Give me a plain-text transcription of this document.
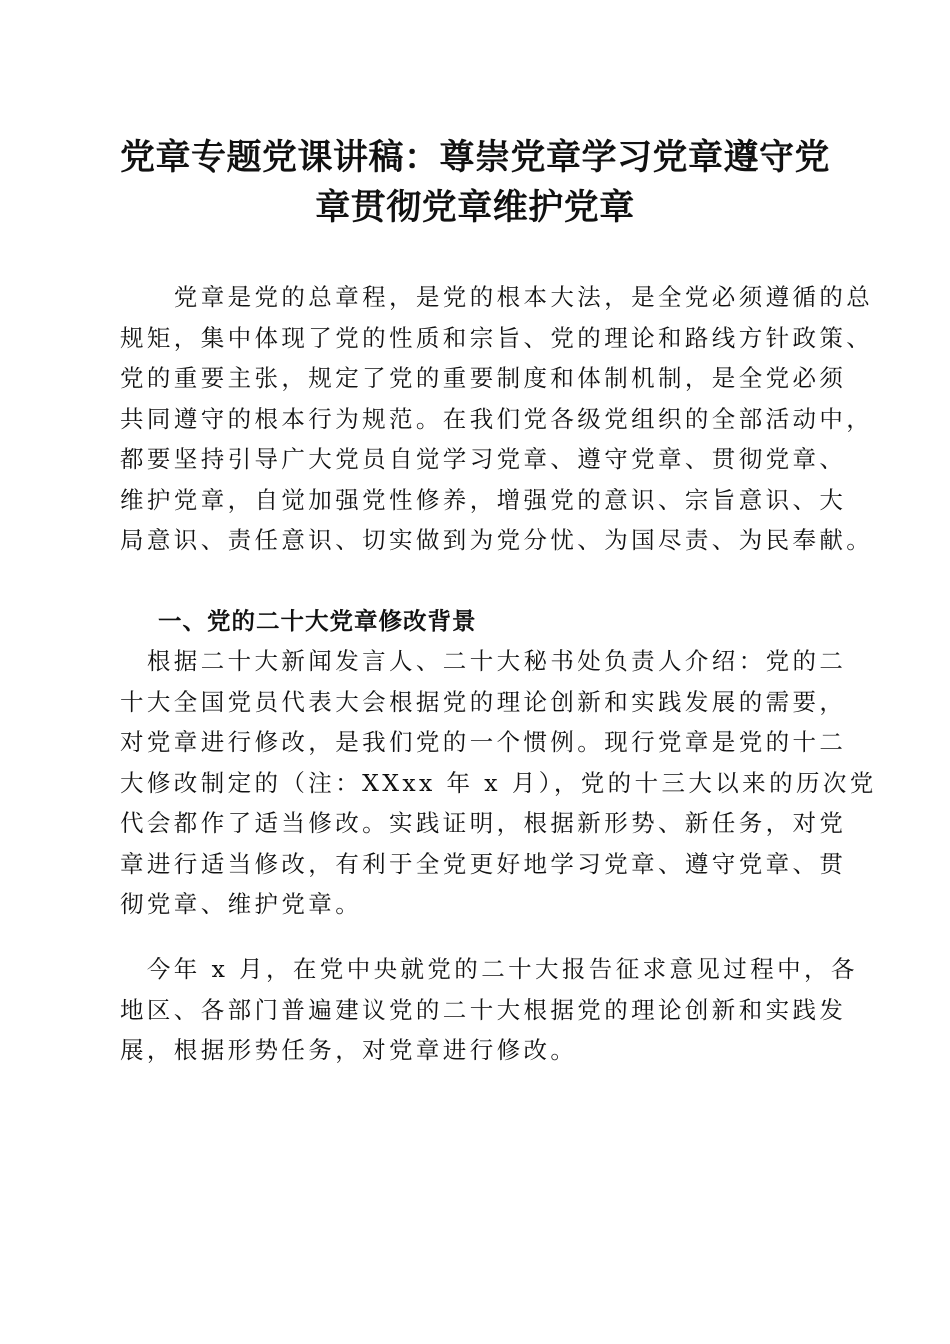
党章专题党课讲稿：尊崇党章学习党章遵守党
章贯彻党章维护党章

　　党章是党的总章程，是党的根本大法，是全党必须遵循的总
规矩，集中体现了党的性质和宗旨、党的理论和路线方针政策、
党的重要主张，规定了党的重要制度和体制机制，是全党必须
共同遵守的根本行为规范。在我们党各级党组织的全部活动中，
都要坚持引导广大党员自觉学习党章、遵守党章、贯彻党章、
维护党章，自觉加强党性修养，增强党的意识、宗旨意识、大
局意识、责任意识、切实做到为党分忧、为国尽责、为民奉献。

一、党的二十大党章修改背景

　根据二十大新闻发言人、二十大秘书处负责人介绍：党的二
十大全国党员代表大会根据党的理论创新和实践发展的需要，
对党章进行修改，是我们党的一个惯例。现行党章是党的十二
大修改制定的（注：XXxx 年 x 月），党的十三大以来的历次党
代会都作了适当修改。实践证明，根据新形势、新任务，对党
章进行适当修改，有利于全党更好地学习党章、遵守党章、贯
彻党章、维护党章。

　今年 x 月，在党中央就党的二十大报告征求意见过程中，各
地区、各部门普遍建议党的二十大根据党的理论创新和实践发
展，根据形势任务，对党章进行修改。
